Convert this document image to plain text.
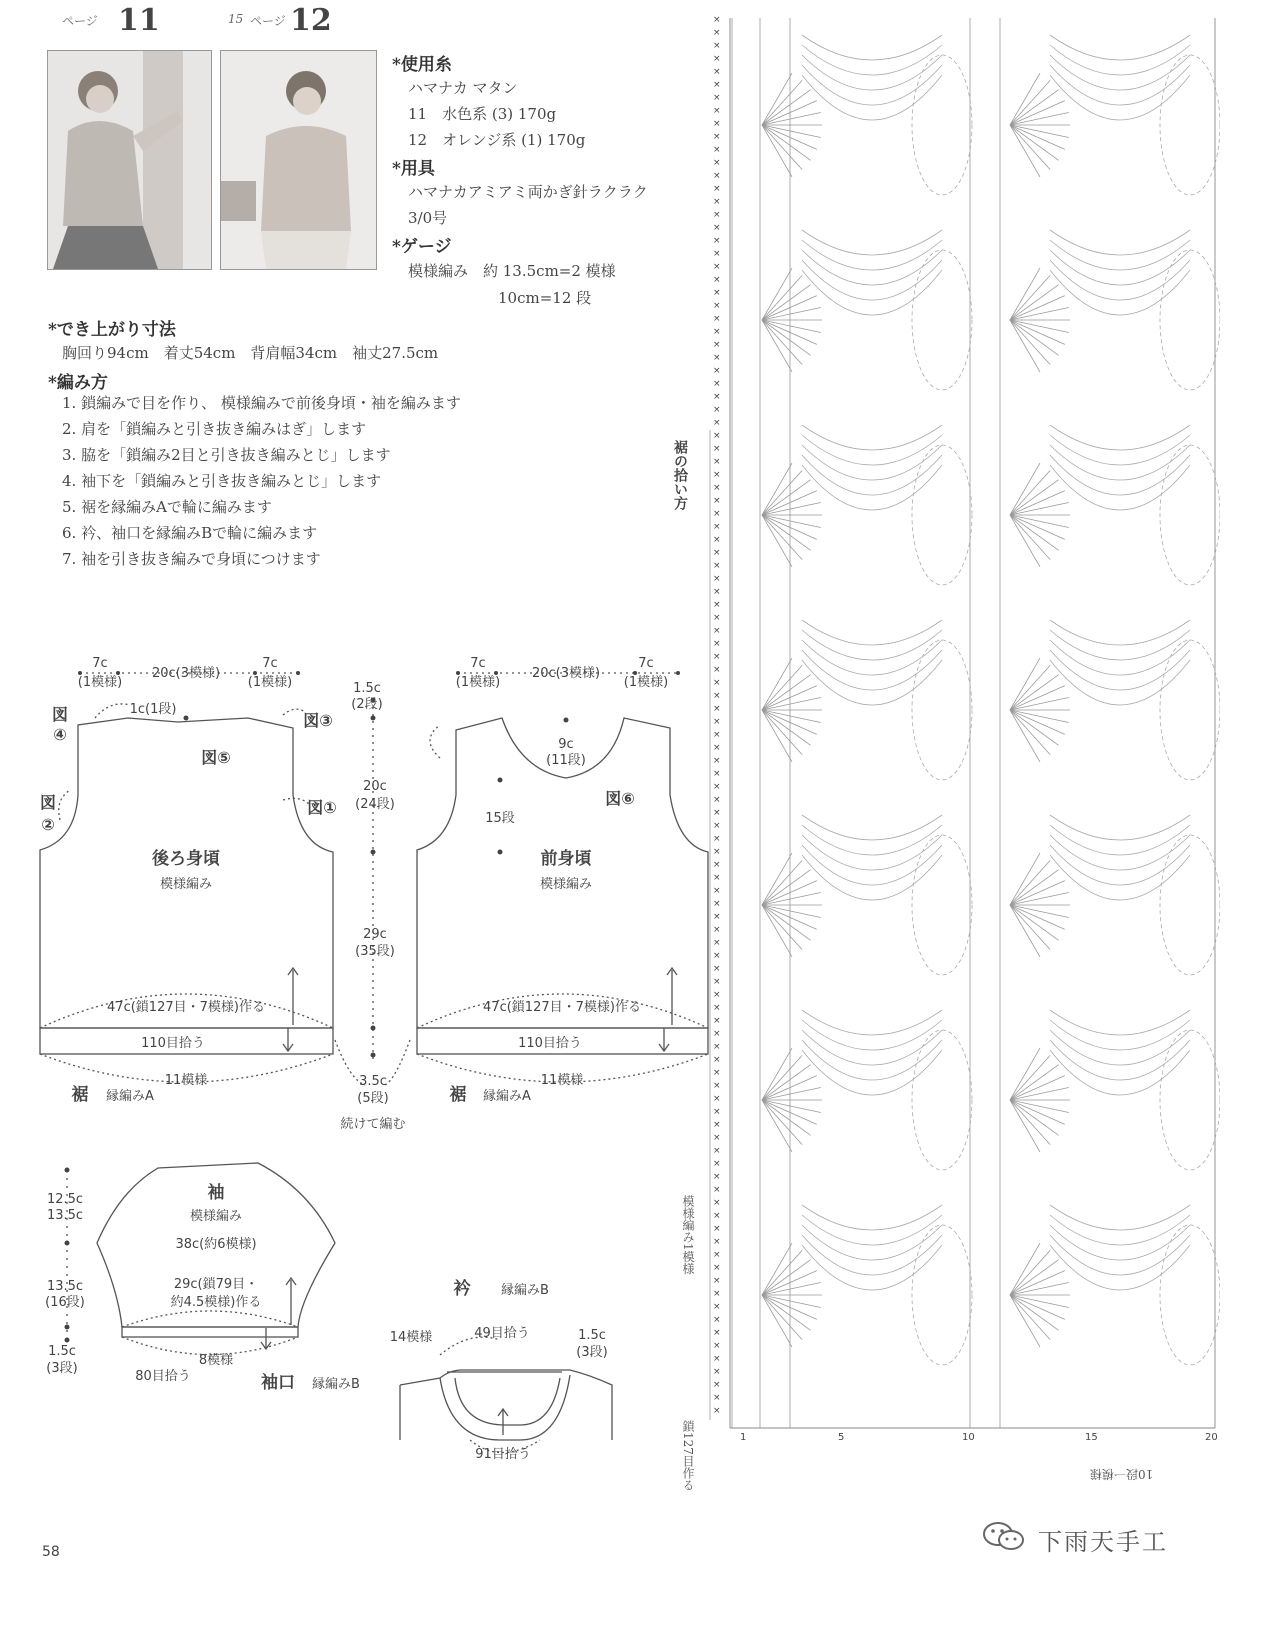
ページ 11	15 ページ 12
*使用糸
ハマナカ マタン
11　水色系 (3) 170g
12　オレンジ系 (1) 170g
*用具
ハマナカアミアミ両かぎ針ラクラク
3/0号
*ゲージ
模様編み　約 13.5cm=2 模様
10cm=12 段
*でき上がり寸法
胸回り94cm　着丈54cm　背肩幅34cm　袖丈27.5cm
*編み方
1. 鎖編みで目を作り、 模様編みで前後身頃・袖を編みます
2. 肩を「鎖編みと引き抜き編みはぎ」します
3. 脇を「鎖編み2目と引き抜き編みとじ」します
4. 袖下を「鎖編みと引き抜き編みとじ」します
5. 裾を縁編みAで輪に編みます
6. 衿、袖口を縁編みBで輪に編みます
7. 袖を引き抜き編みで身頃につけます
7c
(1模様)
20c(3模様)
7c
(1模様)
1c(1段)
図
④
図⑤
図③
図
②
図①
後ろ身頃
模様編み
47c(鎖127目・7模様)作る
110目拾う
11模様
裾 縁編みA
1.5c
(2段)
20c
(24段)
29c
(35段)
3.5c
(5段)
続けて編む
7c
(1模様)
20c(3模様)
7c
(1模様)
9c
(11段)
15段
図⑥
前身頃
模様編み
47c(鎖127目・7模様)作る
110目拾う
11模様
裾 縁編みA
袖
模様編み
12.5c
13.5c
13.5c
(16段)
1.5c
(3段)
38c(約6模様)
29c(鎖79目・
約4.5模様)作る
8模様
80目拾う	袖口 縁編みB
衿 縁編みB
14模様	49目拾う	1.5c
(3段)
91目拾う
裾の拾い方
模様編み1模様
鎖127目作る
×
×
×
×
×
×
×
×
×
×
×
×
×
×
×
×
×
×
×
×
×
×
×
×
×
×
×
×
×
×
×
×
×
×
×
×
×
×
×
×
×
×
×
×
×
×
×
×
×
×
×
×
×
×
×
×
×
×
×
×
×
×
×
×
×
×
×
×
×
×
×
×
×
×
×
×
×
×
×
×
×
×
×
×
×
×
×
×
×
×
×
×
×
×
×
×
×
×
×
×
×
×
×
×
×
×
×
×
1	5	10	15	20
10段一模様
58	下雨天手工
